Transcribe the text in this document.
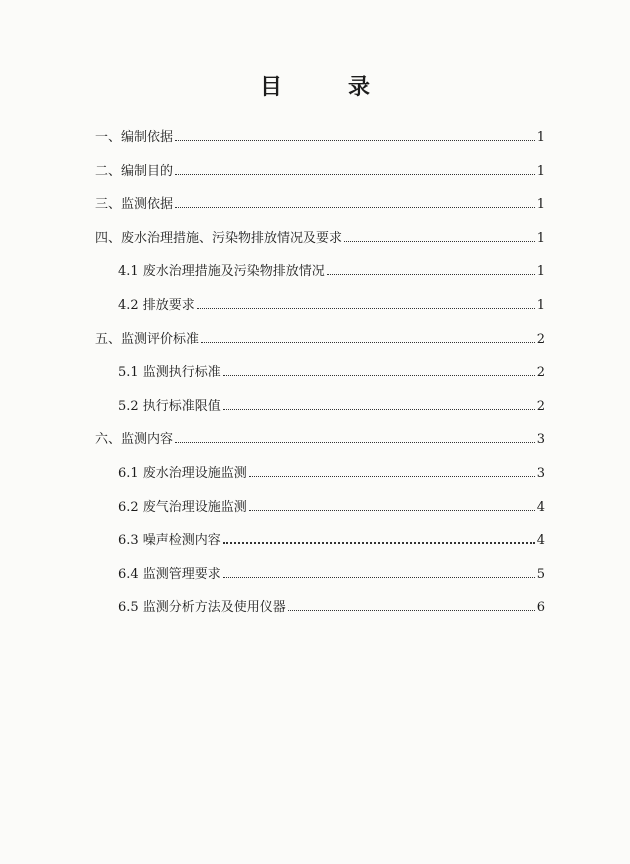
目　录
一、编制依据	1
二、编制目的	1
三、监测依据	1
四、废水治理措施、污染物排放情况及要求	1
4.1 废水治理措施及污染物排放情况	1
4.2 排放要求	1
五、监测评价标准	2
5.1 监测执行标准	2
5.2 执行标准限值	2
六、监测内容	3
6.1 废水治理设施监测	3
6.2 废气治理设施监测	4
6.3 噪声检测内容	4
6.4 监测管理要求	5
6.5 监测分析方法及使用仪器	6
